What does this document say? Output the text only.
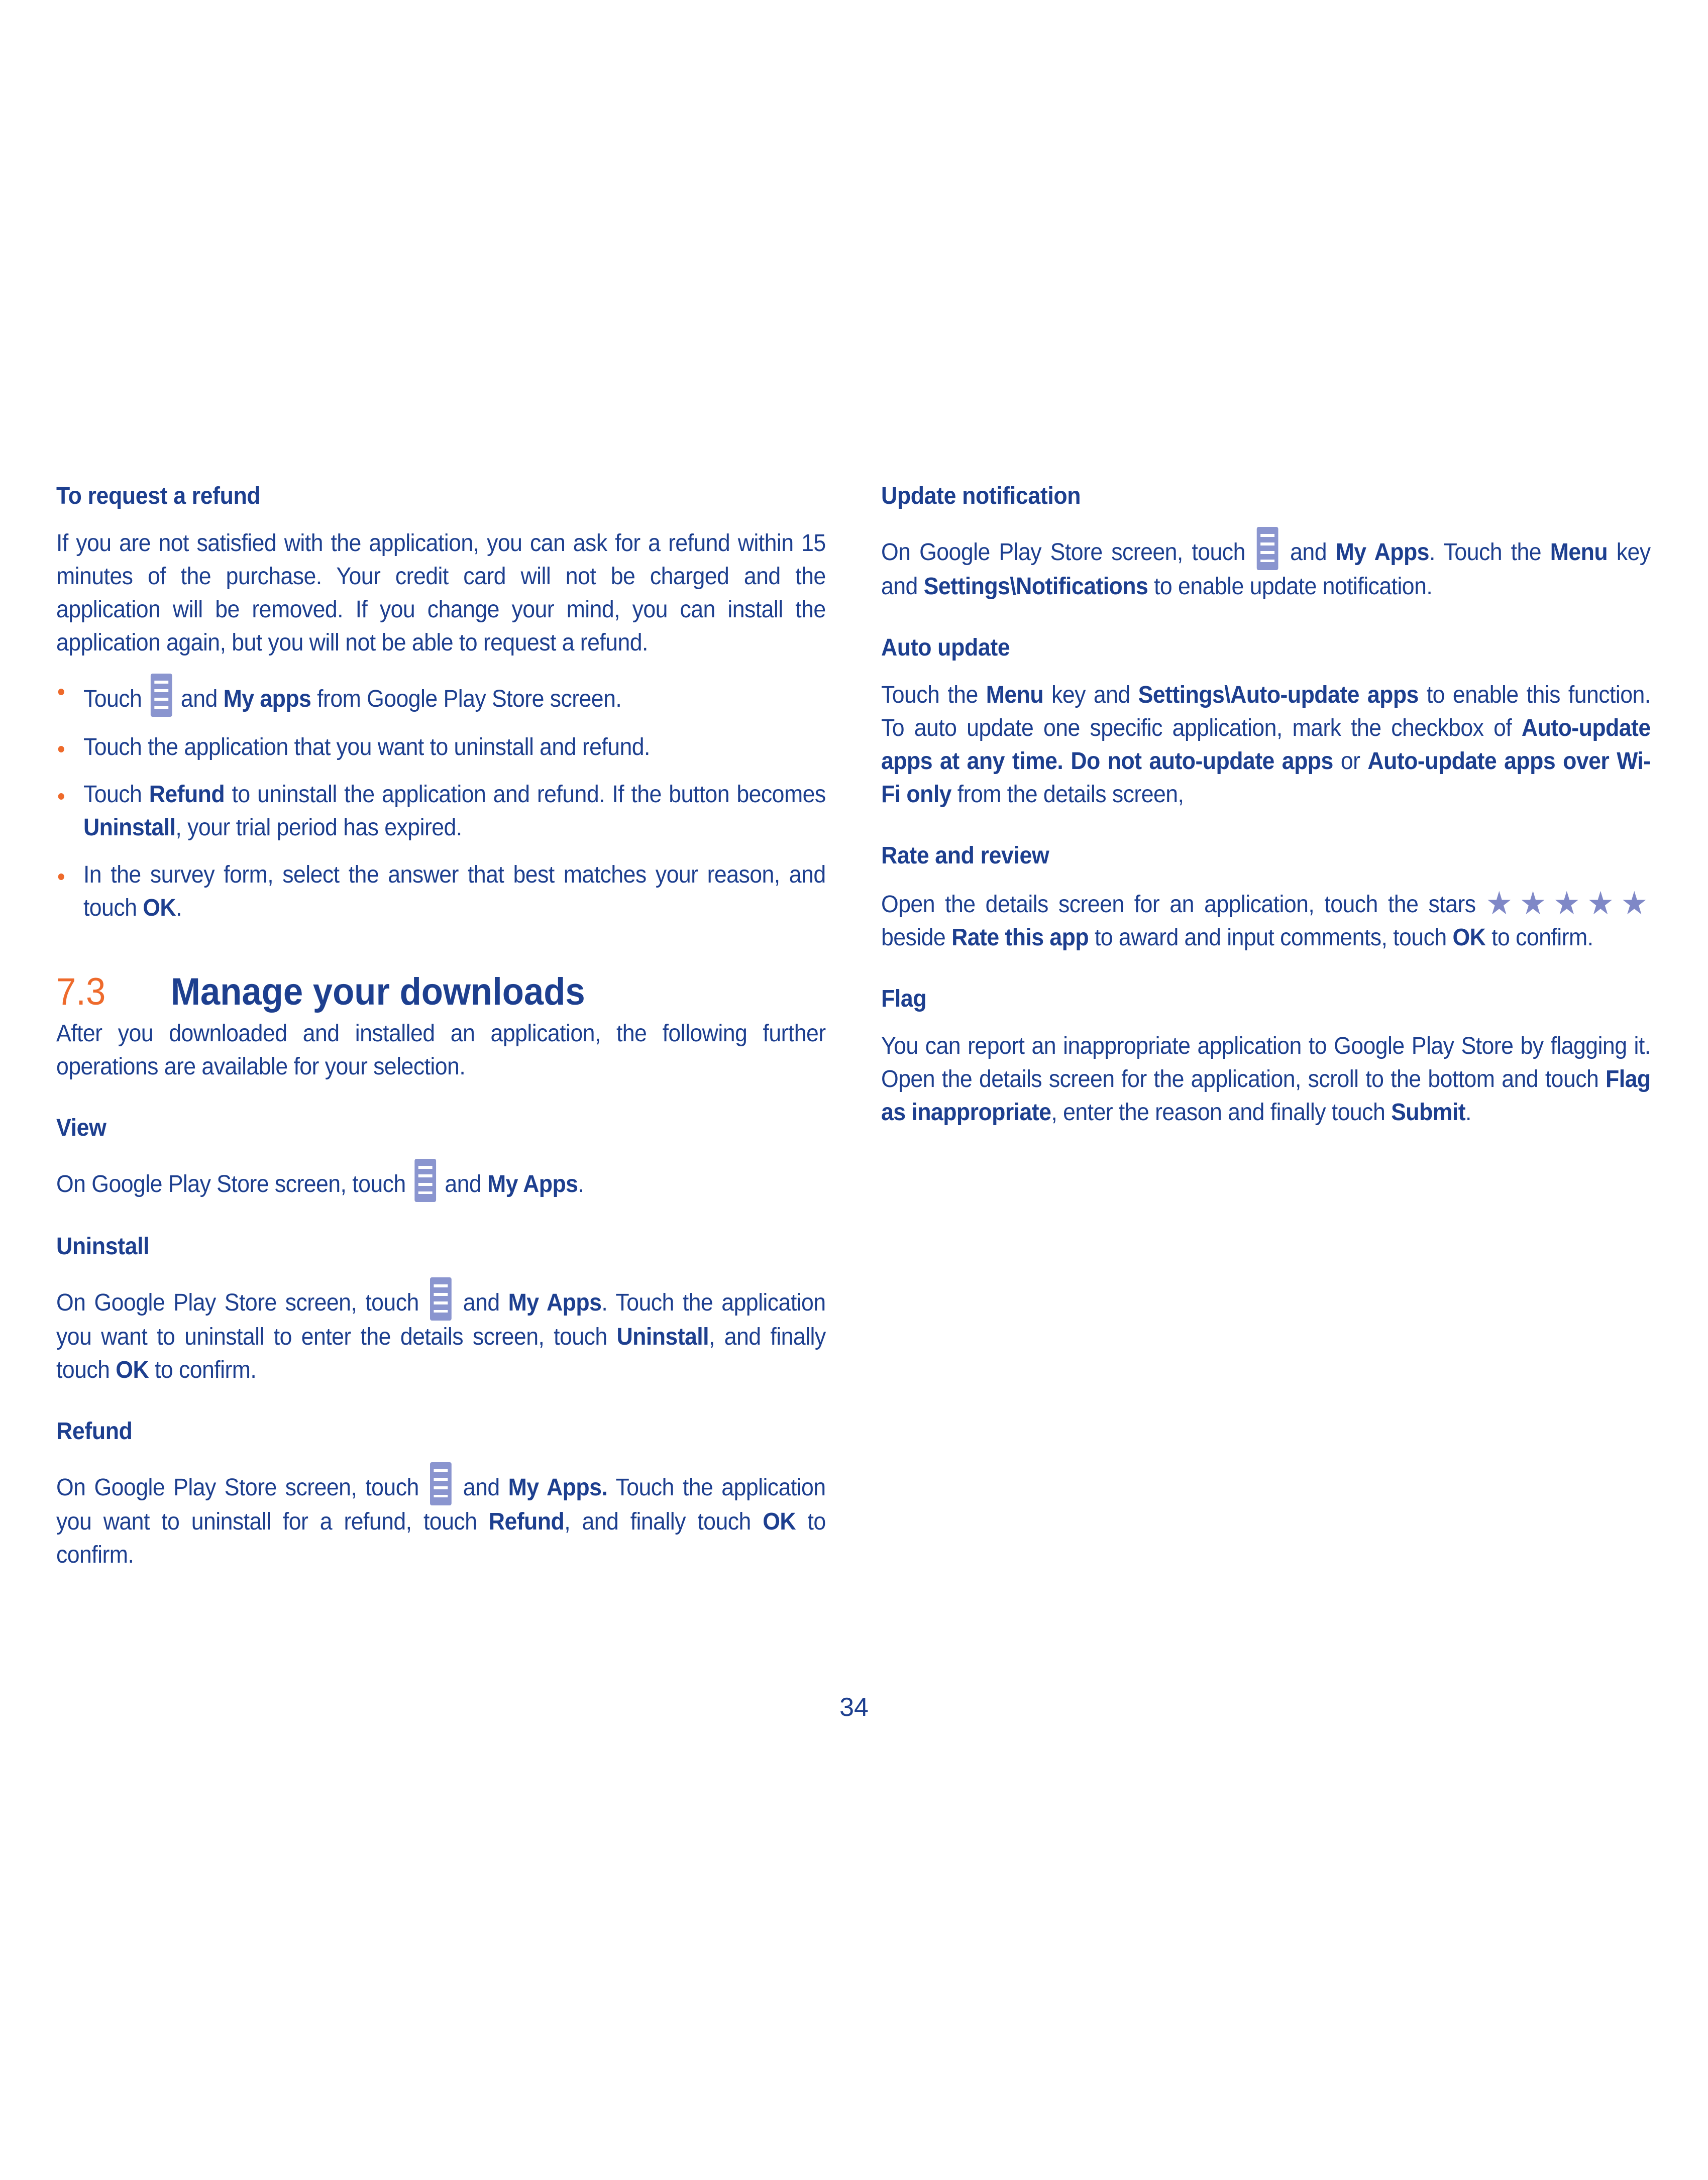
To request a refund

If you are not satisfied with the application, you can ask for a refund within 15 minutes of the purchase. Your credit card will not be charged and the application will be removed. If you change your mind, you can install the application again, but you will not be able to request a refund.

Touch and My apps from Google Play Store screen.
Touch the application that you want to uninstall and refund.
Touch Refund to uninstall the application and refund. If the button becomes Uninstall, your trial period has expired.
In the survey form, select the answer that best matches your reason, and touch OK.
7.3 Manage your downloads

After you downloaded and installed an application, the following further operations are available for your selection.

View

On Google Play Store screen, touch and My Apps.

Uninstall

On Google Play Store screen, touch and My Apps. Touch the application you want to uninstall to enter the details screen, touch Uninstall, and finally touch OK to confirm.

Refund

On Google Play Store screen, touch and My Apps. Touch the application you want to uninstall for a refund, touch Refund, and finally touch OK to confirm.

Update notification

On Google Play Store screen, touch and My Apps. Touch the Menu key and Settings\Notifications to enable update notification.

Auto update

Touch the Menu key and Settings\Auto-update apps to enable this function. To auto update one specific application, mark the checkbox of Auto-update apps at any time. Do not auto-update apps or Auto-update apps over Wi-Fi only from the details screen,

Rate and review

Open the details screen for an application, touch the stars ★★★★★ beside Rate this app to award and input comments, touch OK to confirm.

Flag

You can report an inappropriate application to Google Play Store by flagging it. Open the details screen for the application, scroll to the bottom and touch Flag as inappropriate, enter the reason and finally touch Submit.

34
